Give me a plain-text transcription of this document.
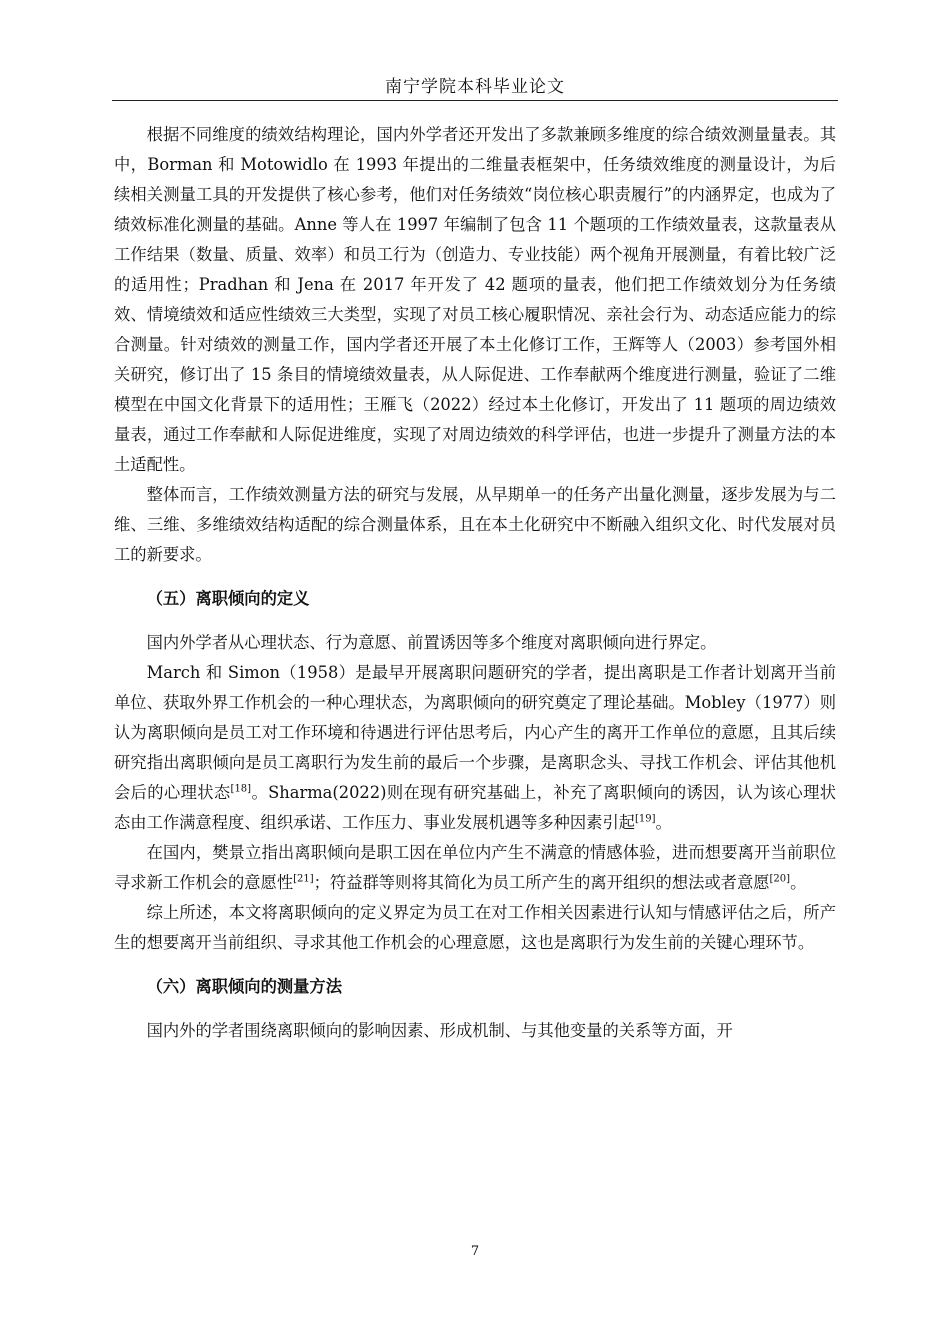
南宁学院本科毕业论文

根据不同维度的绩效结构理论，国内外学者还开发出了多款兼顾多维度的综合绩效测量量表。其中，Borman 和 Motowidlo 在 1993 年提出的二维量表框架中，任务绩效维度的测量设计，为后续相关测量工具的开发提供了核心参考，他们对任务绩效“岗位核心职责履行”的内涵界定，也成为了绩效标准化测量的基础。Anne 等人在 1997 年编制了包含 11 个题项的工作绩效量表，这款量表从工作结果（数量、质量、效率）和员工行为（创造力、专业技能）两个视角开展测量，有着比较广泛的适用性；Pradhan 和 Jena 在 2017 年开发了 42 题项的量表，他们把工作绩效划分为任务绩效、情境绩效和适应性绩效三大类型，实现了对员工核心履职情况、亲社会行为、动态适应能力的综合测量。针对绩效的测量工作，国内学者还开展了本土化修订工作，王辉等人（2003）参考国外相关研究，修订出了 15 条目的情境绩效量表，从人际促进、工作奉献两个维度进行测量，验证了二维模型在中国文化背景下的适用性；王雁飞（2022）经过本土化修订，开发出了 11 题项的周边绩效量表，通过工作奉献和人际促进维度，实现了对周边绩效的科学评估，也进一步提升了测量方法的本土适配性。

整体而言，工作绩效测量方法的研究与发展，从早期单一的任务产出量化测量，逐步发展为与二维、三维、多维绩效结构适配的综合测量体系，且在本土化研究中不断融入组织文化、时代发展对员工的新要求。

（五）离职倾向的定义

国内外学者从心理状态、行为意愿、前置诱因等多个维度对离职倾向进行界定。

March 和 Simon（1958）是最早开展离职问题研究的学者，提出离职是工作者计划离开当前单位、获取外界工作机会的一种心理状态，为离职倾向的研究奠定了理论基础。Mobley（1977）则认为离职倾向是员工对工作环境和待遇进行评估思考后，内心产生的离开工作单位的意愿，且其后续研究指出离职倾向是员工离职行为发生前的最后一个步骤，是离职念头、寻找工作机会、评估其他机会后的心理状态[18]。Sharma(2022)则在现有研究基础上，补充了离职倾向的诱因，认为该心理状态由工作满意程度、组织承诺、工作压力、事业发展机遇等多种因素引起[19]。

在国内，樊景立指出离职倾向是职工因在单位内产生不满意的情感体验，进而想要离开当前职位寻求新工作机会的意愿性[21]；符益群等则将其简化为员工所产生的离开组织的想法或者意愿[20]。

综上所述，本文将离职倾向的定义界定为员工在对工作相关因素进行认知与情感评估之后，所产生的想要离开当前组织、寻求其他工作机会的心理意愿，这也是离职行为发生前的关键心理环节。

（六）离职倾向的测量方法

国内外的学者围绕离职倾向的影响因素、形成机制、与其他变量的关系等方面，开

7
